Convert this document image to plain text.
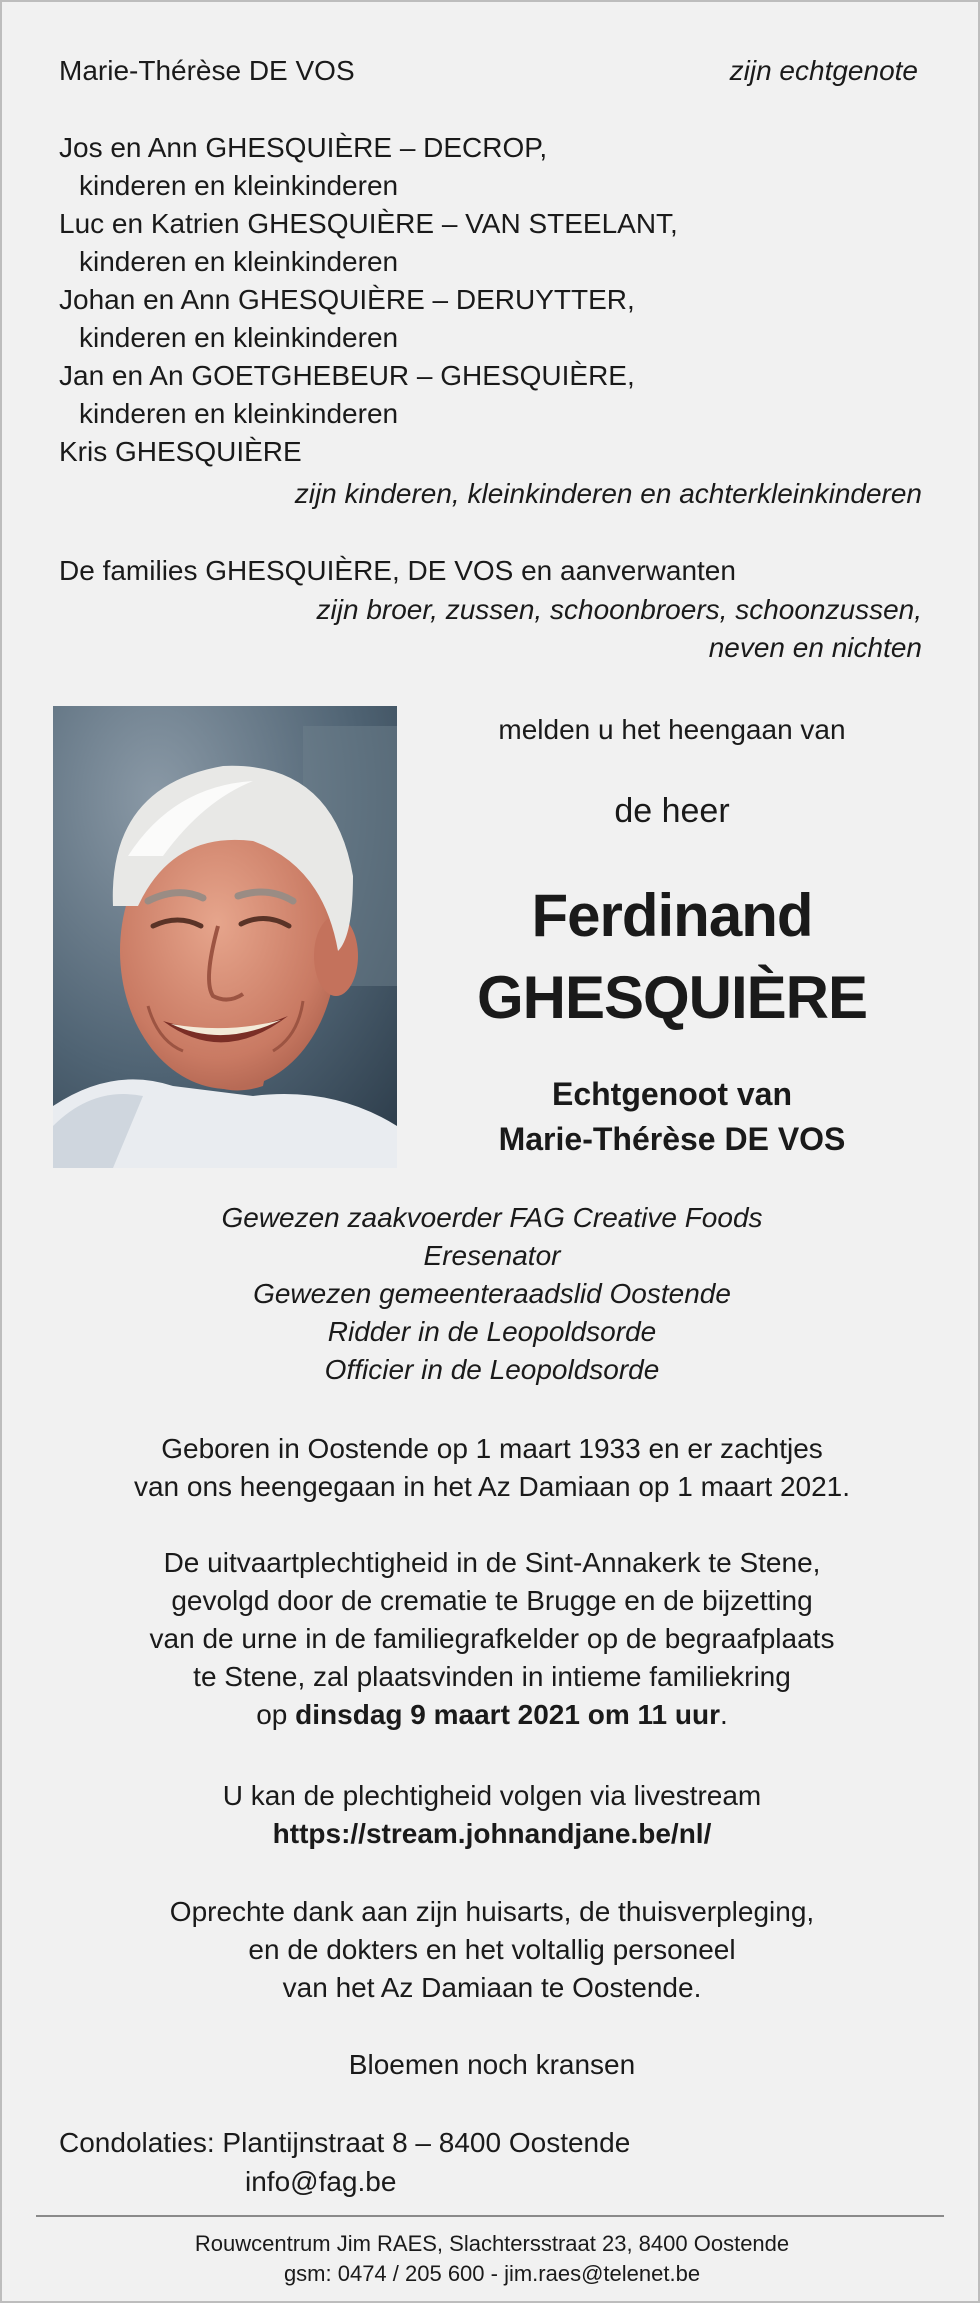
Marie-Thérèse DE VOS	zijn echtgenote
Jos en Ann GHESQUIÈRE – DECROP,
kinderen en kleinkinderen
Luc en Katrien GHESQUIÈRE – VAN STEELANT,
kinderen en kleinkinderen
Johan en Ann GHESQUIÈRE – DERUYTTER,
kinderen en kleinkinderen
Jan en An GOETGHEBEUR – GHESQUIÈRE,
kinderen en kleinkinderen
Kris GHESQUIÈRE
zijn kinderen, kleinkinderen en achterkleinkinderen
De families GHESQUIÈRE, DE VOS en aanverwanten
zijn broer, zussen, schoonbroers, schoonzussen,
neven en nichten
melden u het heengaan van
de heer
Ferdinand
GHESQUIÈRE
Echtgenoot van
Marie-Thérèse DE VOS
Gewezen zaakvoerder FAG Creative Foods
Eresenator
Gewezen gemeenteraadslid Oostende
Ridder in de Leopoldsorde
Officier in de Leopoldsorde
Geboren in Oostende op 1 maart 1933 en er zachtjes
van ons heengegaan in het Az Damiaan op 1 maart 2021.
De uitvaartplechtigheid in de Sint-Annakerk te Stene,
gevolgd door de crematie te Brugge en de bijzetting
van de urne in de familiegrafkelder op de begraafplaats
te Stene, zal plaatsvinden in intieme familiekring
op dinsdag 9 maart 2021 om 11 uur.
U kan de plechtigheid volgen via livestream
https://stream.johnandjane.be/nl/
Oprechte dank aan zijn huisarts, de thuisverpleging,
en de dokters en het voltallig personeel
van het Az Damiaan te Oostende.
Bloemen noch kransen
Condolaties: Plantijnstraat 8 – 8400 Oostende
info@fag.be
Rouwcentrum Jim RAES, Slachtersstraat 23, 8400 Oostende
gsm: 0474 / 205 600 - jim.raes@telenet.be
